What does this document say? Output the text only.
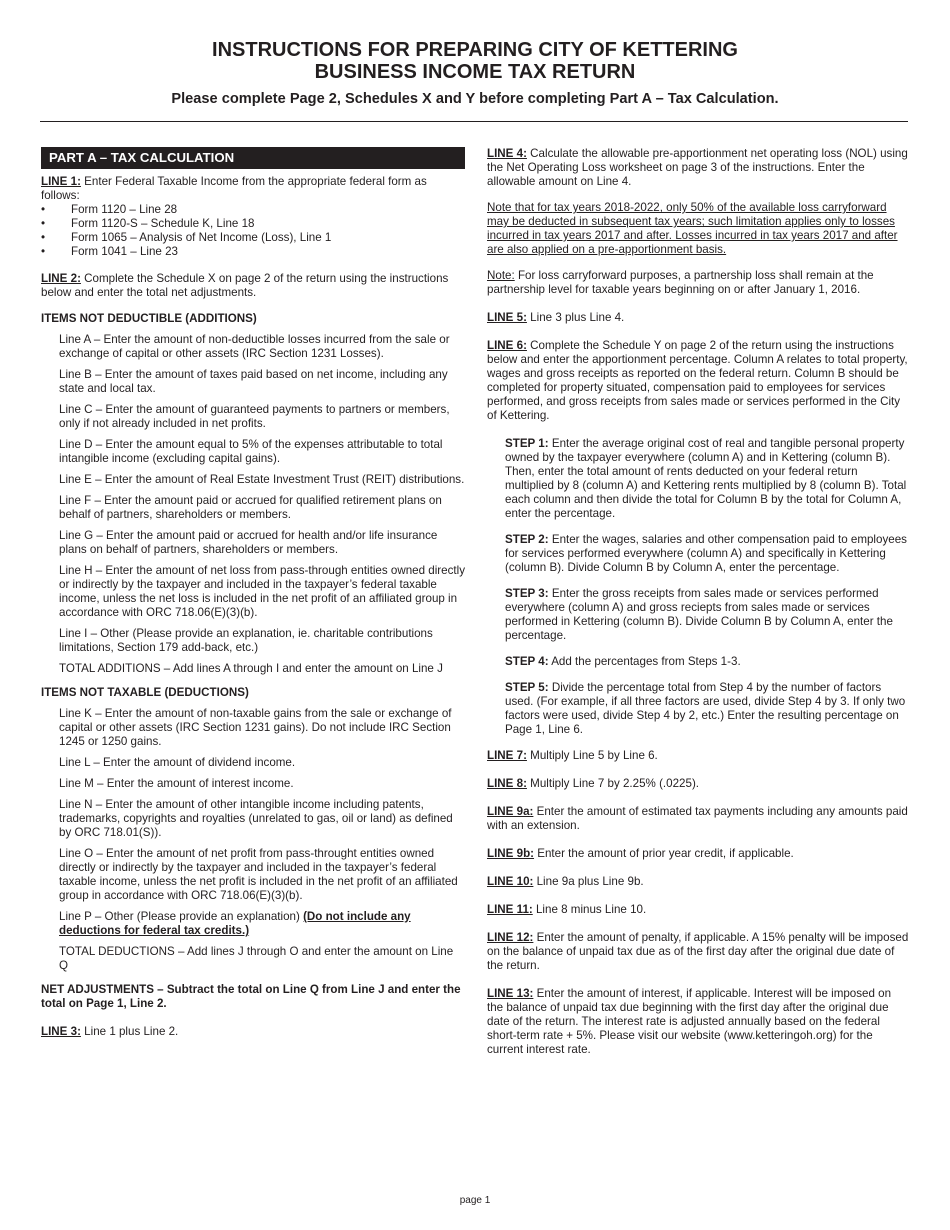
INSTRUCTIONS FOR PREPARING CITY OF KETTERING
BUSINESS INCOME TAX RETURN
Please complete Page 2, Schedules X and Y before completing Part A – Tax Calculation.
PART A – TAX CALCULATION

LINE 1: Enter Federal Taxable Income from the appropriate federal form as follows:

• Form 1120 – Line 28
• Form 1120-S – Schedule K, Line 18
• Form 1065 – Analysis of Net Income (Loss), Line 1
• Form 1041 – Line 23

LINE 2: Complete the Schedule X on page 2 of the return using the instructions below and enter the total net adjustments.

ITEMS NOT DEDUCTIBLE (ADDITIONS)
Line A – Enter the amount of non-deductible losses incurred from the sale or exchange of capital or other assets (IRC Section 1231 Losses).
Line B – Enter the amount of taxes paid based on net income, including any state and local tax.
Line C – Enter the amount of guaranteed payments to partners or members, only if not already included in net profits.
Line D – Enter the amount equal to 5% of the expenses attributable to total intangible income (excluding capital gains).
Line E – Enter the amount of Real Estate Investment Trust (REIT) distributions.
Line F – Enter the amount paid or accrued for qualified retirement plans on behalf of partners, shareholders or members.
Line G – Enter the amount paid or accrued for health and/or life insurance plans on behalf of partners, shareholders or members.
Line H – Enter the amount of net loss from pass-through entities owned directly or indirectly by the taxpayer and included in the taxpayer’s federal taxable income, unless the net loss is included in the net profit of an affiliated group in accordance with ORC 718.06(E)(3)(b).
Line I – Other (Please provide an explanation, ie. charitable contributions limitations, Section 179 add-back, etc.)
TOTAL ADDITIONS – Add lines A through I and enter the amount on Line J
ITEMS NOT TAXABLE (DEDUCTIONS)
Line K – Enter the amount of non-taxable gains from the sale or exchange of capital or other assets (IRC Section 1231 gains). Do not include IRC Section 1245 or 1250 gains.
Line L – Enter the amount of dividend income.
Line M – Enter the amount of interest income.
Line N – Enter the amount of other intangible income including patents, trademarks, copyrights and royalties (unrelated to gas, oil or land) as defined by ORC 718.01(S)).
Line O – Enter the amount of net profit from pass-throught entities owned directly or indirectly by the taxpayer and included in the taxpayer’s federal taxable income, unless the net profit is included in the net profit of an affiliated group in accordance with ORC 718.06(E)(3)(b).
Line P – Other (Please provide an explanation) (Do not include any deductions for federal tax credits.)
TOTAL DEDUCTIONS – Add lines J through O and enter the amount on Line Q

NET ADJUSTMENTS – Subtract the total on Line Q from Line J and enter the total on Page 1, Line 2.

LINE 3: Line 1 plus Line 2.

LINE 4: Calculate the allowable pre-apportionment net operating loss (NOL) using the Net Operating Loss worksheet on page 3 of the instructions. Enter the allowable amount on Line 4.

Note that for tax years 2018-2022, only 50% of the available loss carryforward may be deducted in subsequent tax years; such limitation applies only to losses incurred in tax years 2017 and after. Losses incurred in tax years 2017 and after are also applied on a pre-apportionment basis.

Note: For loss carryforward purposes, a partnership loss shall remain at the partnership level for taxable years beginning on or after January 1, 2016.

LINE 5: Line 3 plus Line 4.

LINE 6: Complete the Schedule Y on page 2 of the return using the instructions below and enter the apportionment percentage. Column A relates to total property, wages and gross receipts as reported on the federal return. Column B should be completed for property situated, compensation paid to employees for services performed, and gross receipts from sales made or services performed in the City of Kettering.

STEP 1: Enter the average original cost of real and tangible personal property owned by the taxpayer everywhere (column A) and in Kettering (column B). Then, enter the total amount of rents deducted on your federal return multiplied by 8 (column A) and Kettering rents multiplied by 8 (column B). Total each column and then divide the total for Column B by the total for Column A, enter the percentage.
STEP 2: Enter the wages, salaries and other compensation paid to employees for services performed everywhere (column A) and specifically in Kettering (column B). Divide Column B by Column A, enter the percentage.
STEP 3: Enter the gross receipts from sales made or services performed everywhere (column A) and gross reciepts from sales made or services performed in Kettering (column B). Divide Column B by Column A, enter the percentage.
STEP 4: Add the percentages from Steps 1-3.
STEP 5: Divide the percentage total from Step 4 by the number of factors used. (For example, if all three factors are used, divide Step 4 by 3. If only two factors were used, divide Step 4 by 2, etc.) Enter the resulting percentage on Page 1, Line 6.

LINE 7: Multiply Line 5 by Line 6.

LINE 8: Multiply Line 7 by 2.25% (.0225).

LINE 9a: Enter the amount of estimated tax payments including any amounts paid with an extension.

LINE 9b: Enter the amount of prior year credit, if applicable.

LINE 10: Line 9a plus Line 9b.

LINE 11: Line 8 minus Line 10.

LINE 12: Enter the amount of penalty, if applicable. A 15% penalty will be imposed on the balance of unpaid tax due as of the first day after the original due date of the return.

LINE 13: Enter the amount of interest, if applicable. Interest will be imposed on the balance of unpaid tax due beginning with the first day after the original due date of the return. The interest rate is adjusted annually based on the federal short-term rate + 5%. Please visit our website (www.ketteringoh.org) for the current interest rate.

page 1
